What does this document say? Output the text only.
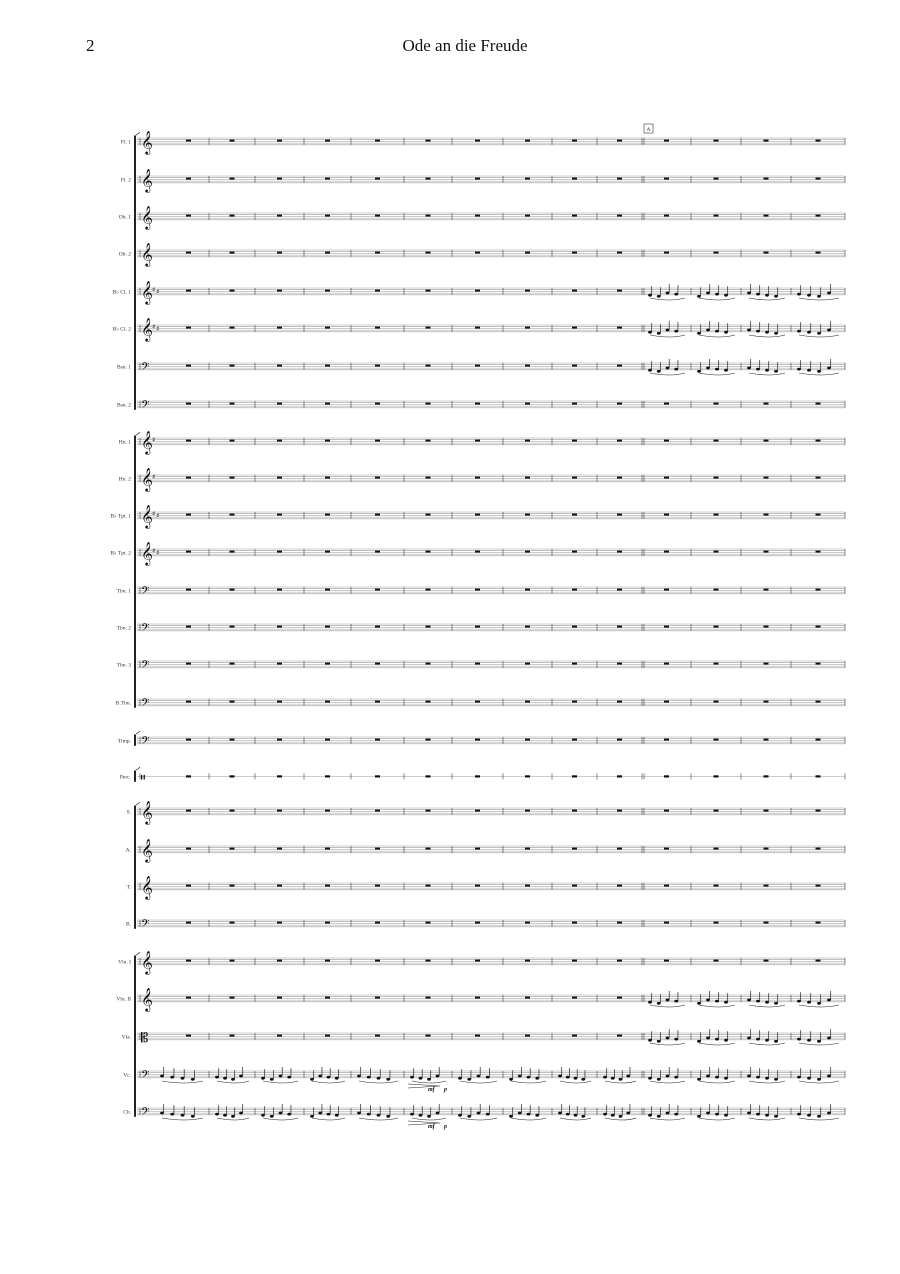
2	Ode an die Freude
Fl. 1 𝄞
Fl. 2 𝄞
Ob. 1 𝄞
Ob. 2 𝄞
B♭ Cl. 1 𝄞 ♯ ♯
B♭ Cl. 2 𝄞 ♯ ♯
Bsn. 1 𝄢
Bsn. 2 𝄢
Hn. 1 𝄞 ♯
Hn. 2 𝄞 ♯
B♭ Tpt. 1 𝄞 ♯ ♯
B♭ Tpt. 2 𝄞 ♯ ♯
Tbn. 1 𝄢
Tbn. 2 𝄢
Tbn. 3 𝄢
B.Tbn. 𝄢
Timp. 𝄢
Perc. 𝄥
S. 𝄞
A. 𝄞
T. 𝄞
B. 𝄢
Vln. I 𝄞
Vln. II 𝄞
Vla. 𝄡
Vc. 𝄢
Cb. 𝄢
A
mf p
mf p
